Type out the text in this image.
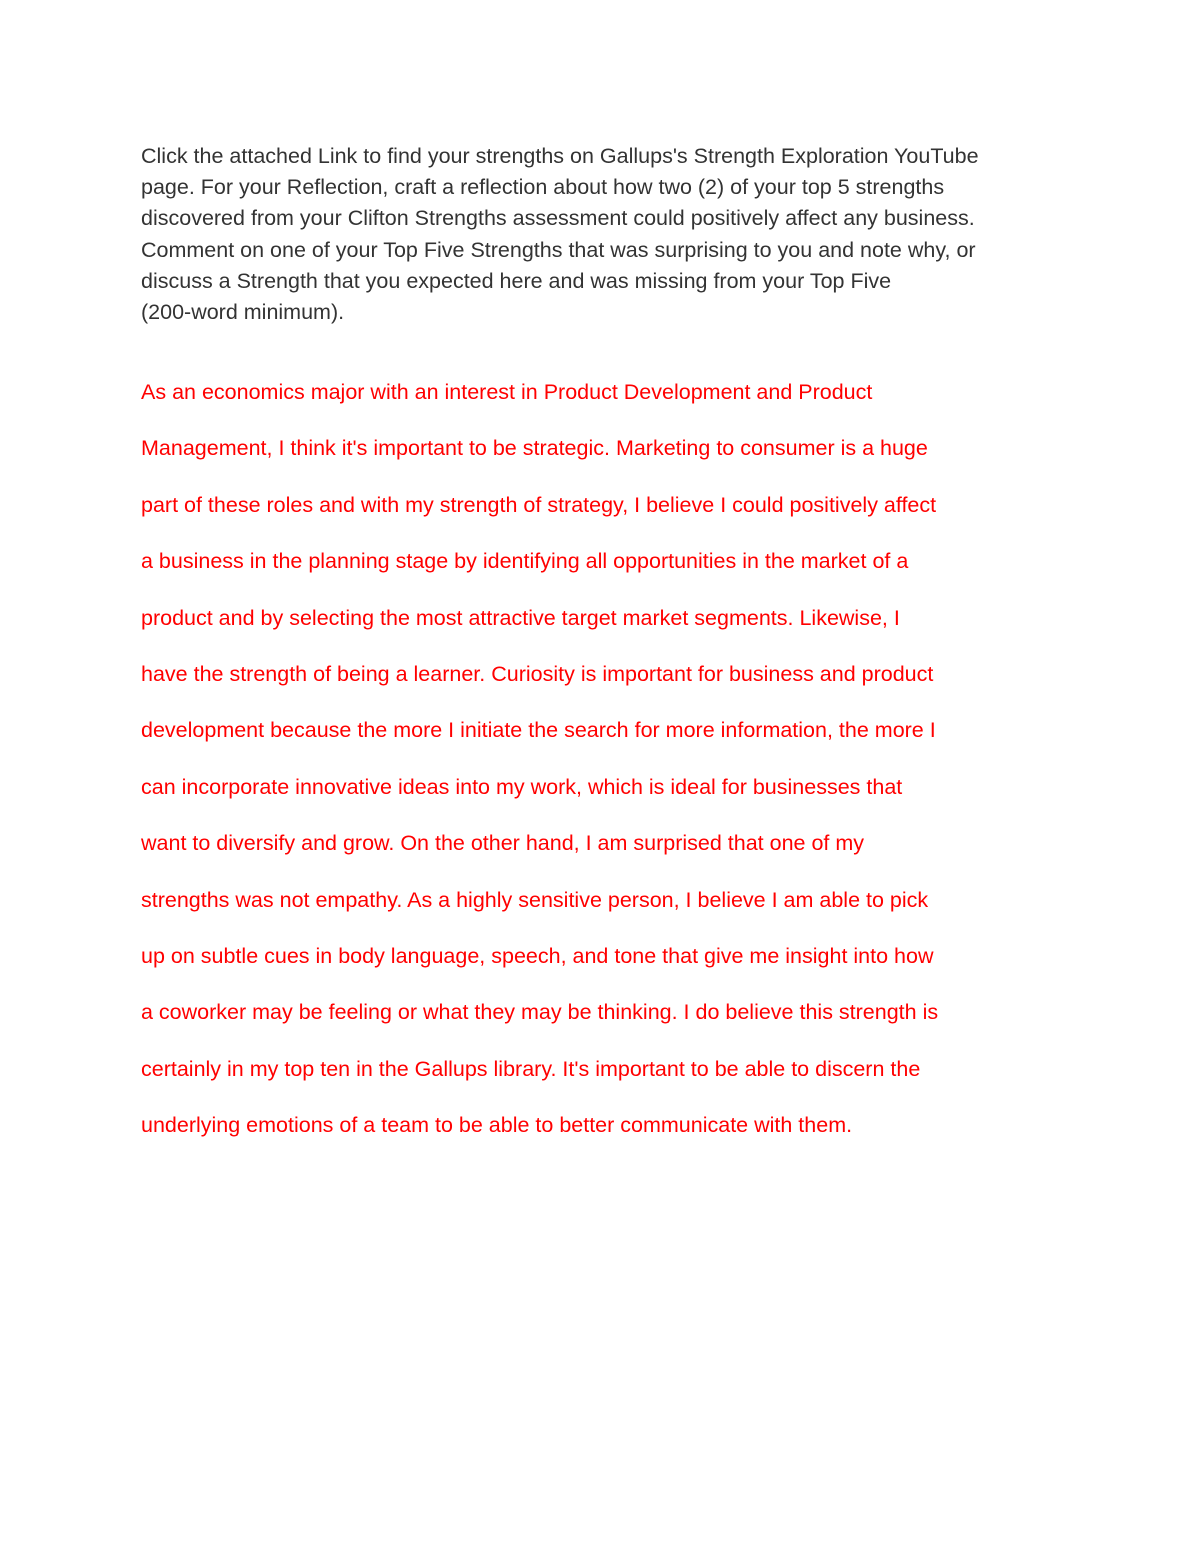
Click the attached Link to find your strengths on Gallups's Strength Exploration YouTube
page. For your Reflection, craft a reflection about how two (2) of your top 5 strengths
discovered from your Clifton Strengths assessment could positively affect any business.
Comment on one of your Top Five Strengths that was surprising to you and note why, or
discuss a Strength that you expected here and was missing from your Top Five
(200-word minimum).
As an economics major with an interest in Product Development and Product
Management, I think it's important to be strategic. Marketing to consumer is a huge
part of these roles and with my strength of strategy, I believe I could positively affect
a business in the planning stage by identifying all opportunities in the market of a
product and by selecting the most attractive target market segments. Likewise, I
have the strength of being a learner. Curiosity is important for business and product
development because the more I initiate the search for more information, the more I
can incorporate innovative ideas into my work, which is ideal for businesses that
want to diversify and grow. On the other hand, I am surprised that one of my
strengths was not empathy. As a highly sensitive person, I believe I am able to pick
up on subtle cues in body language, speech, and tone that give me insight into how
a coworker may be feeling or what they may be thinking. I do believe this strength is
certainly in my top ten in the Gallups library. It's important to be able to discern the
underlying emotions of a team to be able to better communicate with them.
